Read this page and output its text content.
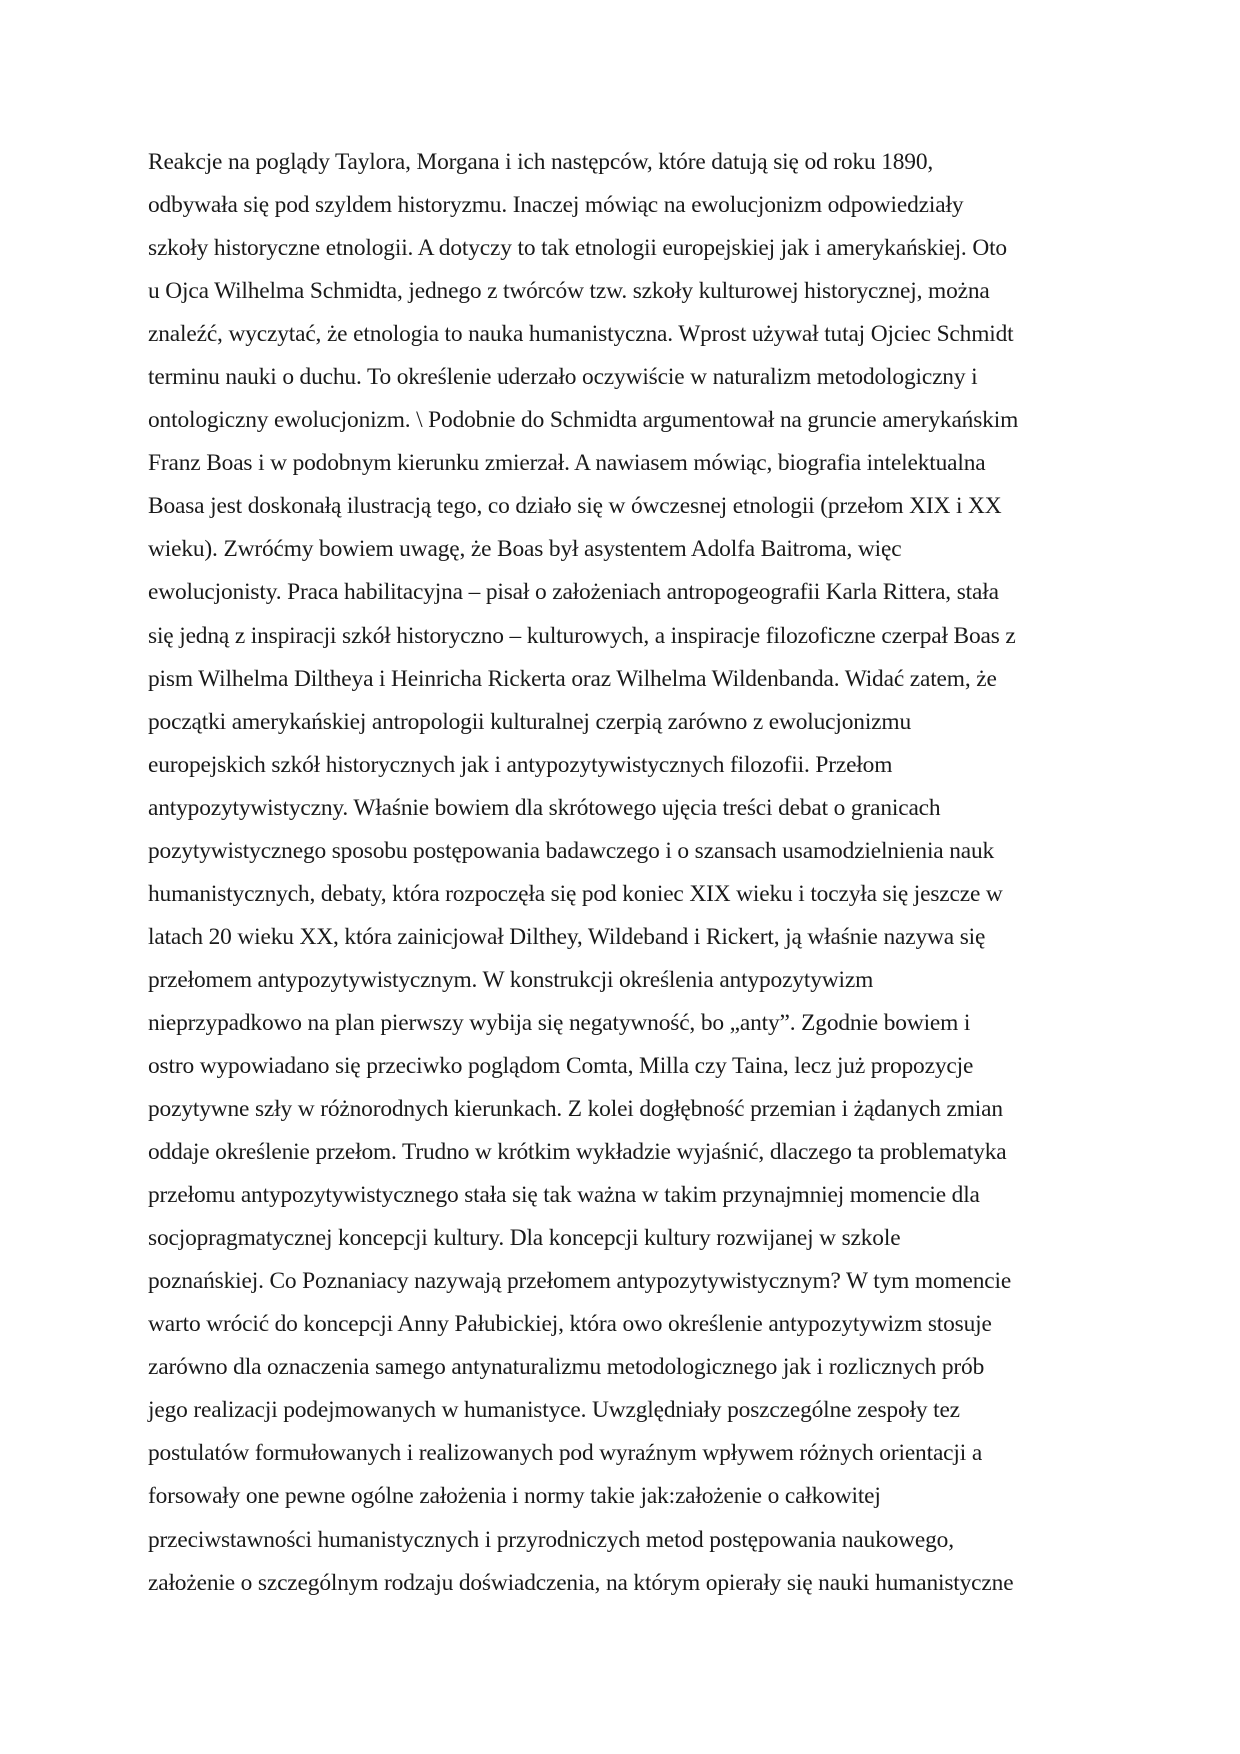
Reakcje na poglądy Taylora, Morgana i ich następców, które datują się od roku 1890,
odbywała się pod szyldem historyzmu. Inaczej mówiąc na ewolucjonizm odpowiedziały
szkoły historyczne etnologii. A dotyczy to tak etnologii europejskiej jak i amerykańskiej. Oto
u Ojca Wilhelma Schmidta, jednego z twórców tzw. szkoły kulturowej historycznej, można
znaleźć, wyczytać, że etnologia to nauka humanistyczna. Wprost używał tutaj Ojciec Schmidt
terminu nauki o duchu. To określenie uderzało oczywiście w naturalizm metodologiczny i
ontologiczny ewolucjonizm. \ Podobnie do Schmidta argumentował na gruncie amerykańskim
Franz Boas i w podobnym kierunku zmierzał. A nawiasem mówiąc, biografia intelektualna
Boasa jest doskonałą ilustracją tego, co działo się w ówczesnej etnologii (przełom XIX i XX
wieku). Zwróćmy bowiem uwagę, że Boas był asystentem Adolfa Baitroma, więc
ewolucjonisty. Praca habilitacyjna – pisał o założeniach antropogeografii Karla Rittera, stała
się jedną z inspiracji szkół historyczno – kulturowych, a inspiracje filozoficzne czerpał Boas z
pism Wilhelma Diltheya i Heinricha Rickerta oraz Wilhelma Wildenbanda. Widać zatem, że
początki amerykańskiej antropologii kulturalnej czerpią zarówno z ewolucjonizmu
europejskich szkół historycznych jak i antypozytywistycznych filozofii. Przełom
antypozytywistyczny. Właśnie bowiem dla skrótowego ujęcia treści debat o granicach
pozytywistycznego sposobu postępowania badawczego i o szansach usamodzielnienia nauk
humanistycznych, debaty, która rozpoczęła się pod koniec XIX wieku i toczyła się jeszcze w
latach 20 wieku XX, która zainicjował Dilthey, Wildeband i Rickert, ją właśnie nazywa się
przełomem antypozytywistycznym. W konstrukcji określenia antypozytywizm
nieprzypadkowo na plan pierwszy wybija się negatywność, bo „anty”. Zgodnie bowiem i
ostro wypowiadano się przeciwko poglądom Comta, Milla czy Taina, lecz już propozycje
pozytywne szły w różnorodnych kierunkach. Z kolei dogłębność przemian i żądanych zmian
oddaje określenie przełom. Trudno w krótkim wykładzie wyjaśnić, dlaczego ta problematyka
przełomu antypozytywistycznego stała się tak ważna w takim przynajmniej momencie dla
socjopragmatycznej koncepcji kultury. Dla koncepcji kultury rozwijanej w szkole
poznańskiej. Co Poznaniacy nazywają przełomem antypozytywistycznym? W tym momencie
warto wrócić do koncepcji Anny Pałubickiej, która owo określenie antypozytywizm stosuje
zarówno dla oznaczenia samego antynaturalizmu metodologicznego jak i rozlicznych prób
jego realizacji podejmowanych w humanistyce. Uwzględniały poszczególne zespoły tez
postulatów formułowanych i realizowanych pod wyraźnym wpływem różnych orientacji a
forsowały one pewne ogólne założenia i normy takie jak:założenie o całkowitej
przeciwstawności humanistycznych i przyrodniczych metod postępowania naukowego,
założenie o szczególnym rodzaju doświadczenia, na którym opierały się nauki humanistyczne
